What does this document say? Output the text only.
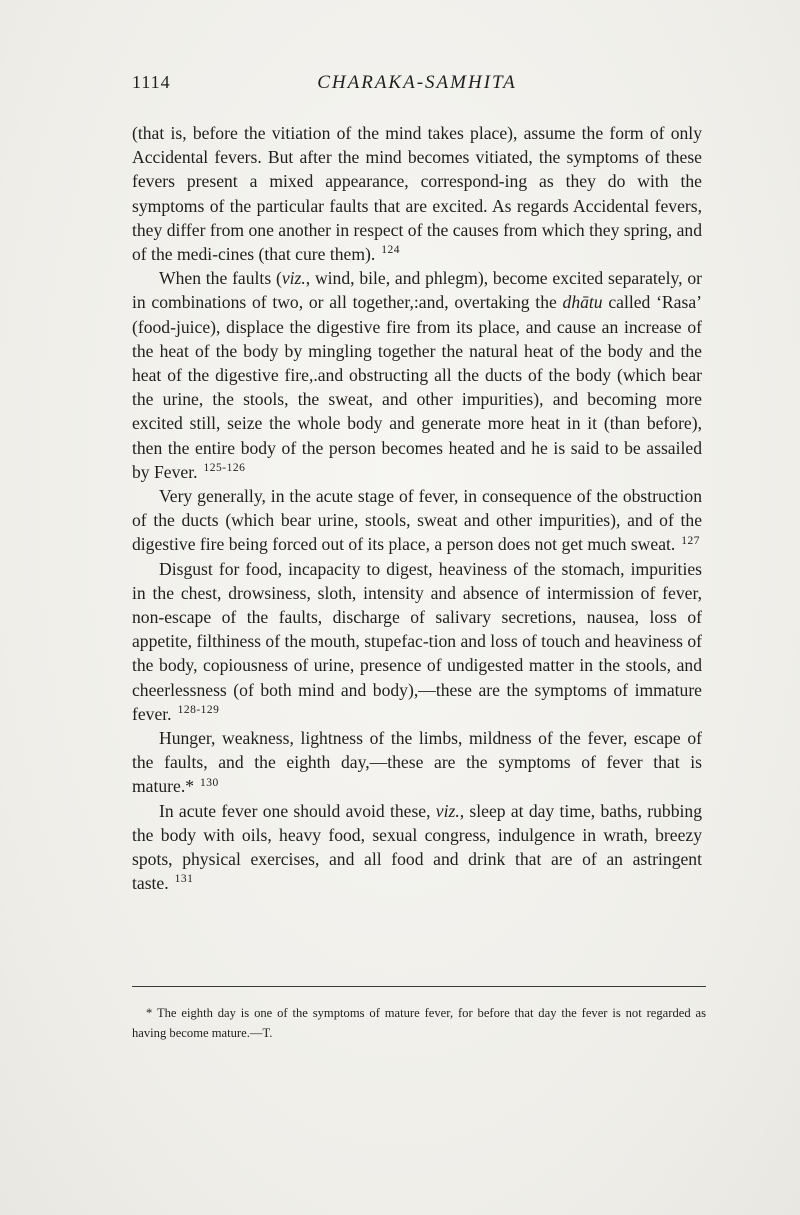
1114	CHARAKA-SAMHITA

(that is, before the vitiation of the mind takes place), assume the form of only Accidental fevers. But after the mind becomes vitiated, the symptoms of these fevers present a mixed appearance, correspond-ing as they do with the symptoms of the particular faults that are excited. As regards Accidental fevers, they differ from one another in respect of the causes from which they spring, and of the medi-cines (that cure them). $^{124}$

When the faults (viz., wind, bile, and phlegm), become excited separately, or in combinations of two, or all together,:and, overtaking the dhātu called ‘Rasa’ (food-juice), displace the digestive fire from its place, and cause an increase of the heat of the body by mingling together the natural heat of the body and the heat of the digestive fire,.and obstructing all the ducts of the body (which bear the urine, the stools, the sweat, and other impurities), and becoming more excited still, seize the whole body and generate more heat in it (than before), then the entire body of the person becomes heated and he is said to be assailed by Fever. $^{125-126}$

Very generally, in the acute stage of fever, in consequence of the obstruction of the ducts (which bear urine, stools, sweat and other impurities), and of the digestive fire being forced out of its place, a person does not get much sweat. $^{127}$

Disgust for food, incapacity to digest, heaviness of the stomach, impurities in the chest, drowsiness, sloth, intensity and absence of intermission of fever, non-escape of the faults, discharge of salivary secretions, nausea, loss of appetite, filthiness of the mouth, stupefac-tion and loss of touch and heaviness of the body, copiousness of urine, presence of undigested matter in the stools, and cheerlessness (of both mind and body),—these are the symptoms of immature fever. $^{128-129}$

Hunger, weakness, lightness of the limbs, mildness of the fever, escape of the faults, and the eighth day,—these are the symptoms of fever that is mature.* $^{130}$

In acute fever one should avoid these, viz., sleep at day time, baths, rubbing the body with oils, heavy food, sexual congress, indulgence in wrath, breezy spots, physical exercises, and all food and drink that are of an astringent taste. $^{131}$

* The eighth day is one of the symptoms of mature fever, for before that day the fever is not regarded as having become mature.—T.
